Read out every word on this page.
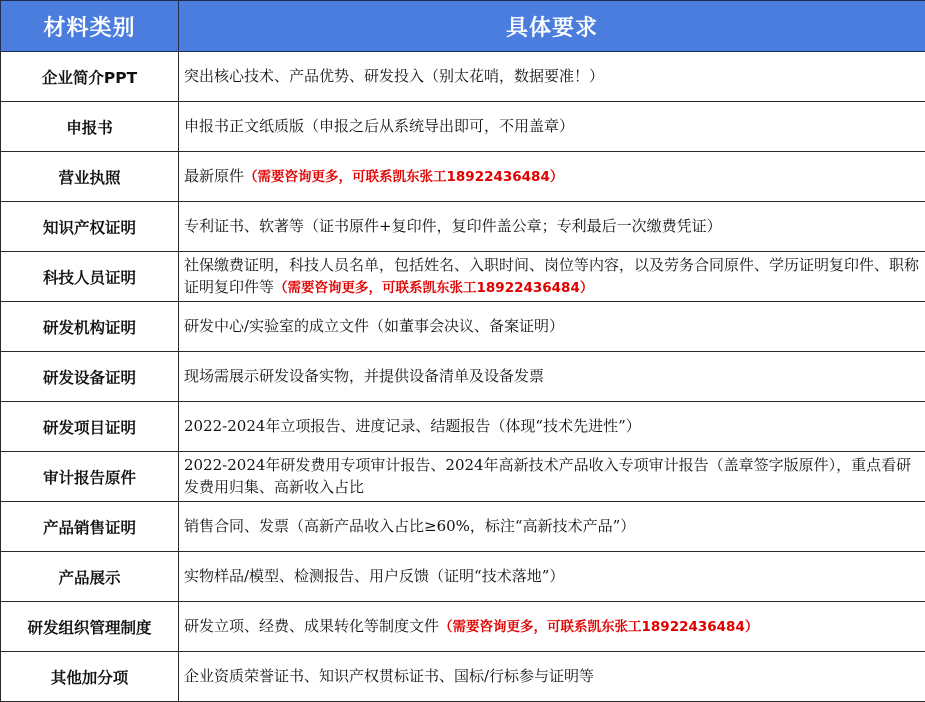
材料类别	具体要求
企业简介PPT	突出核心技术、产品优势、研发投入（别太花哨，数据要准！）
申报书	申报书正文纸质版（申报之后从系统导出即可，不用盖章）
营业执照	最新原件（需要咨询更多，可联系凯东张工18922436484）
知识产权证明	专利证书、软著等（证书原件+复印件，复印件盖公章；专利最后一次缴费凭证）
科技人员证明	社保缴费证明，科技人员名单，包括姓名、入职时间、岗位等内容，以及劳务合同原件、学历证明复印件、职称证明复印件等（需要咨询更多，可联系凯东张工18922436484）
研发机构证明	研发中心/实验室的成立文件（如董事会决议、备案证明）
研发设备证明	现场需展示研发设备实物，并提供设备清单及设备发票
研发项目证明	2022-2024年立项报告、进度记录、结题报告（体现“技术先进性”）
审计报告原件	2022-2024年研发费用专项审计报告、2024年高新技术产品收入专项审计报告（盖章签字版原件），重点看研发费用归集、高新收入占比
产品销售证明	销售合同、发票（高新产品收入占比≥60%，标注“高新技术产品”）
产品展示	实物样品/模型、检测报告、用户反馈（证明“技术落地”）
研发组织管理制度	研发立项、经费、成果转化等制度文件（需要咨询更多，可联系凯东张工18922436484）
其他加分项	企业资质荣誉证书、知识产权贯标证书、国标/行标参与证明等
